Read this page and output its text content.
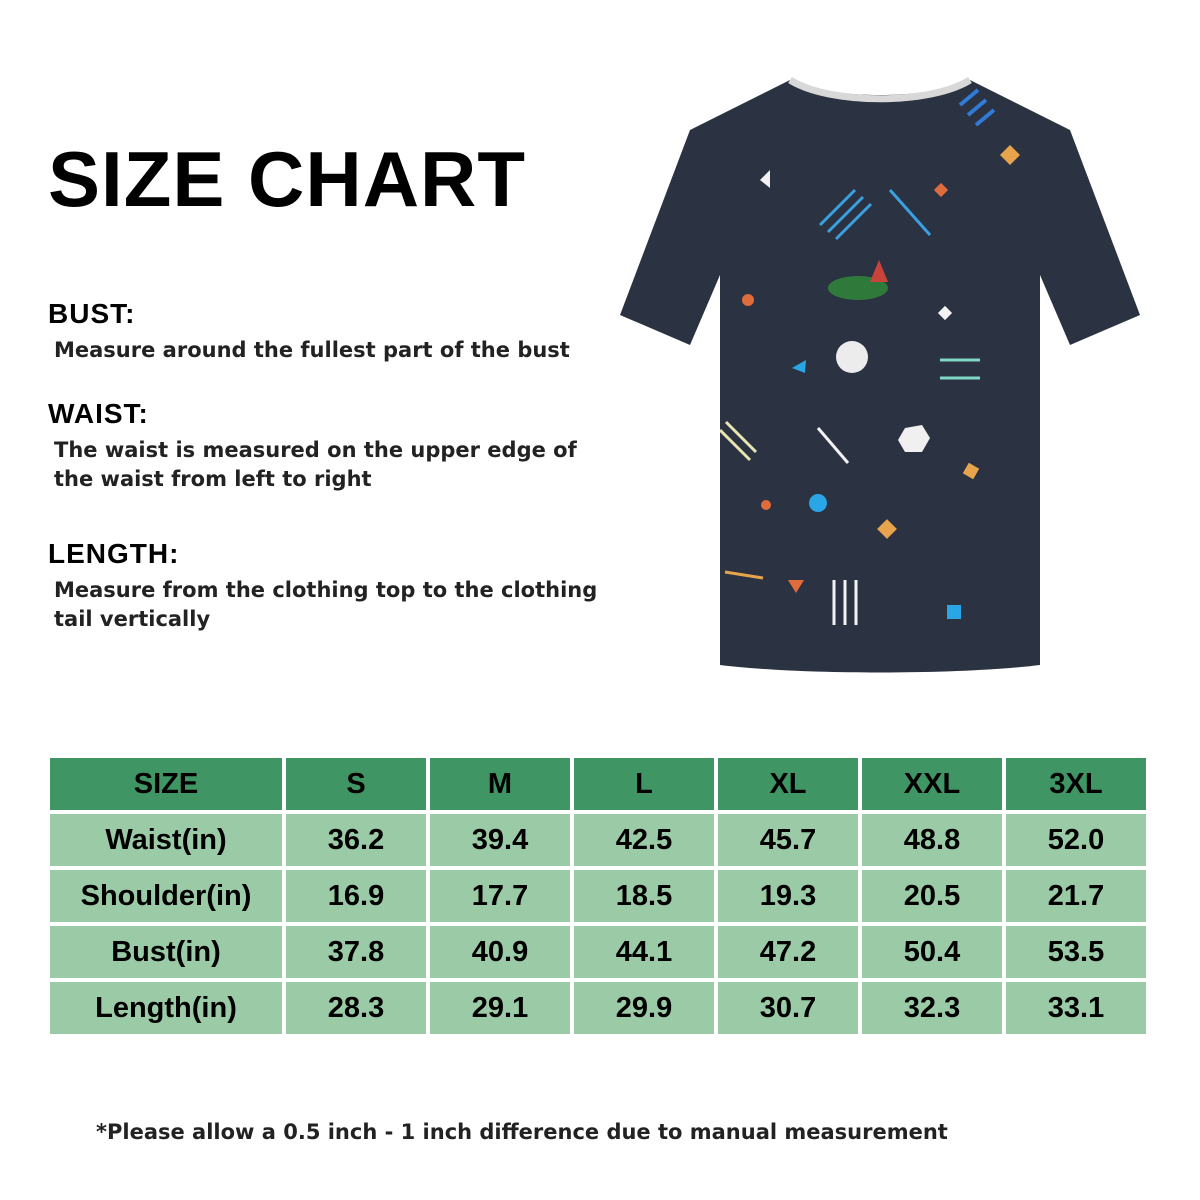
SIZE CHART
BUST:

Measure around the fullest part of the bust

WAIST:

The waist is measured on the upper edge of
the waist from left to right

LENGTH:

Measure from the clothing top to the clothing
tail vertically

SIZE	S	M	L	XL	XXL	3XL
Waist(in)	36.2	39.4	42.5	45.7	48.8	52.0
Shoulder(in)	16.9	17.7	18.5	19.3	20.5	21.7
Bust(in)	37.8	40.9	44.1	47.2	50.4	53.5
Length(in)	28.3	29.1	29.9	30.7	32.3	33.1
*Please allow a 0.5 inch - 1 inch difference due to manual measurement
